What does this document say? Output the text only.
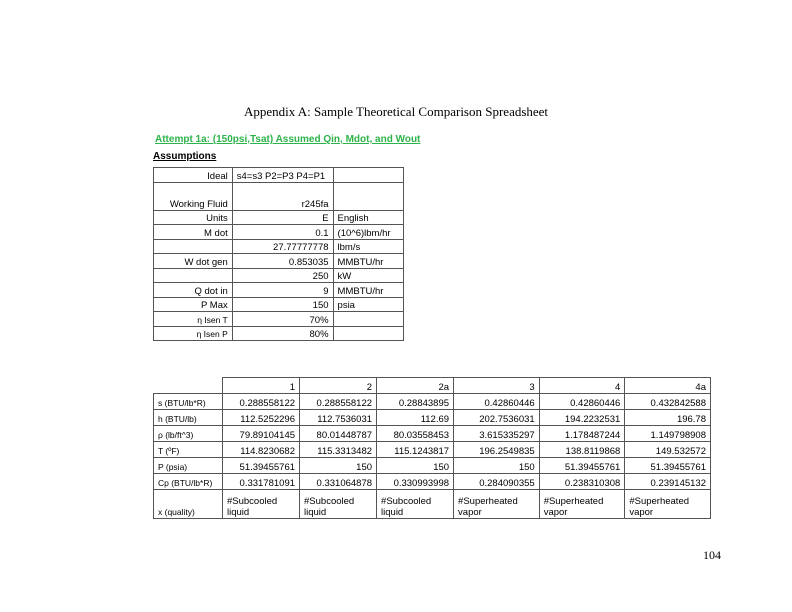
Appendix A: Sample Theoretical Comparison Spreadsheet
Attempt 1a: (150psi,Tsat) Assumed Qin, Mdot, and Wout
Assumptions
Ideal	s4=s3 P2=P3 P4=P1	
Working Fluid	r245fa	
Units	E	English
M dot	0.1	(10^6)lbm/hr
	27.77777778	lbm/s
W dot gen	0.853035	MMBTU/hr
	250	kW
Q dot in	9	MMBTU/hr
P Max	150	psia
η Isen T	70%	
η Isen P	80%	
	1	2	2a	3	4	4a
s (BTU/lb*R)	0.288558122	0.288558122	0.28843895	0.42860446	0.42860446	0.432842588
h (BTU/lb)	112.5252296	112.7536031	112.69	202.7536031	194.2232531	196.78
ρ (lb/ft^3)	79.89104145	80.01448787	80.03558453	3.615335297	1.178487244	1.149798908
T (ºF)	114.8230682	115.3313482	115.1243817	196.2549835	138.8119868	149.532572
P (psia)	51.39455761	150	150	150	51.39455761	51.39455761
Cp (BTU/lb*R)	0.331781091	0.331064878	0.330993998	0.284090355	0.238310308	0.239145132
x (quality)	#Subcooled liquid	#Subcooled liquid	#Subcooled liquid	#Superheated vapor	#Superheated vapor	#Superheated vapor
104
